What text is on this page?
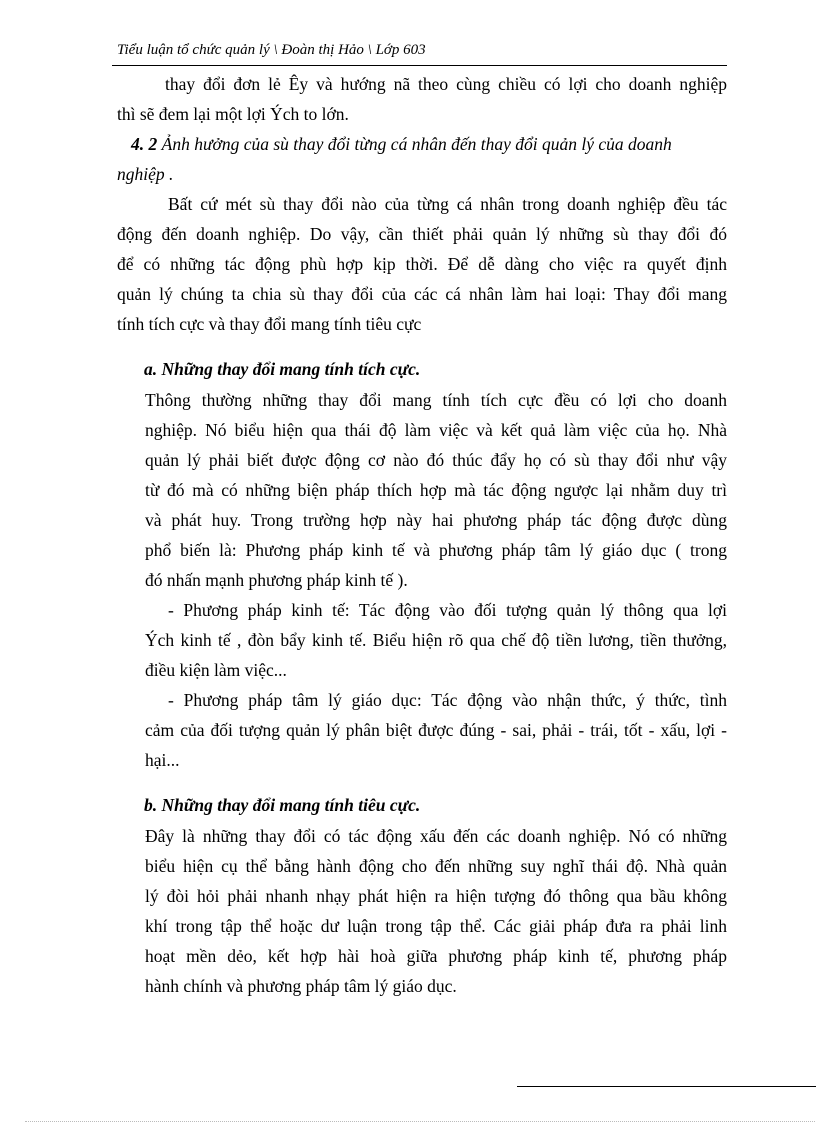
Tiểu luận tổ chức quản lý \ Đoàn thị Hảo \ Lớp 603
thay đổi đơn lẻ Êy và hướng nã theo cùng chiều có lợi cho doanh nghiệp
thì sẽ đem lại một lợi Ých to lớn.
4. 2 Ảnh hưởng của sù thay đổi từng cá nhân đến thay đổi quản lý của doanh
nghiệp .
Bất cứ mét sù thay đổi nào của từng cá nhân trong doanh nghiệp đều tác
động đến doanh nghiệp. Do vậy, cần thiết phải quản lý những sù thay đổi đó
để có những tác động phù hợp kịp thời. Để dễ dàng cho việc ra quyết định
quản lý chúng ta chia sù thay đổi của các cá nhân làm hai loại: Thay đổi mang
tính tích cực và thay đổi mang tính tiêu cực
a. Những thay đổi mang tính tích cực.
Thông thường những thay đổi mang tính tích cực đều có lợi cho doanh
nghiệp. Nó biểu hiện qua thái độ làm việc và kết quả làm việc của họ. Nhà
quản lý phải biết được động cơ nào đó thúc đẩy họ có sù thay đổi như vậy
từ đó mà có những biện pháp thích hợp mà tác động ngược lại nhằm duy trì
và phát huy. Trong trường hợp này hai phương pháp tác động được dùng
phổ biến là: Phương pháp kinh tế và phương pháp tâm lý giáo dục ( trong
đó nhấn mạnh phương pháp kinh tế ).
- Phương pháp kinh tế: Tác động vào đối tượng quản lý thông qua lợi
Ých kinh tế , đòn bẩy kinh tế. Biểu hiện rõ qua chế độ tiền lương, tiền thưởng,
điều kiện làm việc...
- Phương pháp tâm lý giáo dục: Tác động vào nhận thức, ý thức, tình
cảm của đối tượng quản lý phân biệt được đúng - sai, phải - trái, tốt - xấu, lợi -
hại...
b. Những thay đổi mang tính tiêu cực.
Đây là những thay đổi có tác động xấu đến các doanh nghiệp. Nó có những
biểu hiện cụ thể bằng hành động cho đến những suy nghĩ thái độ. Nhà quản
lý đòi hỏi phải nhanh nhạy phát hiện ra hiện tượng đó thông qua bầu không
khí trong tập thể hoặc dư luận trong tập thể. Các giải pháp đưa ra phải linh
hoạt mền dẻo, kết hợp hài hoà giữa phương pháp kinh tế, phương pháp
hành chính và phương pháp tâm lý giáo dục.
